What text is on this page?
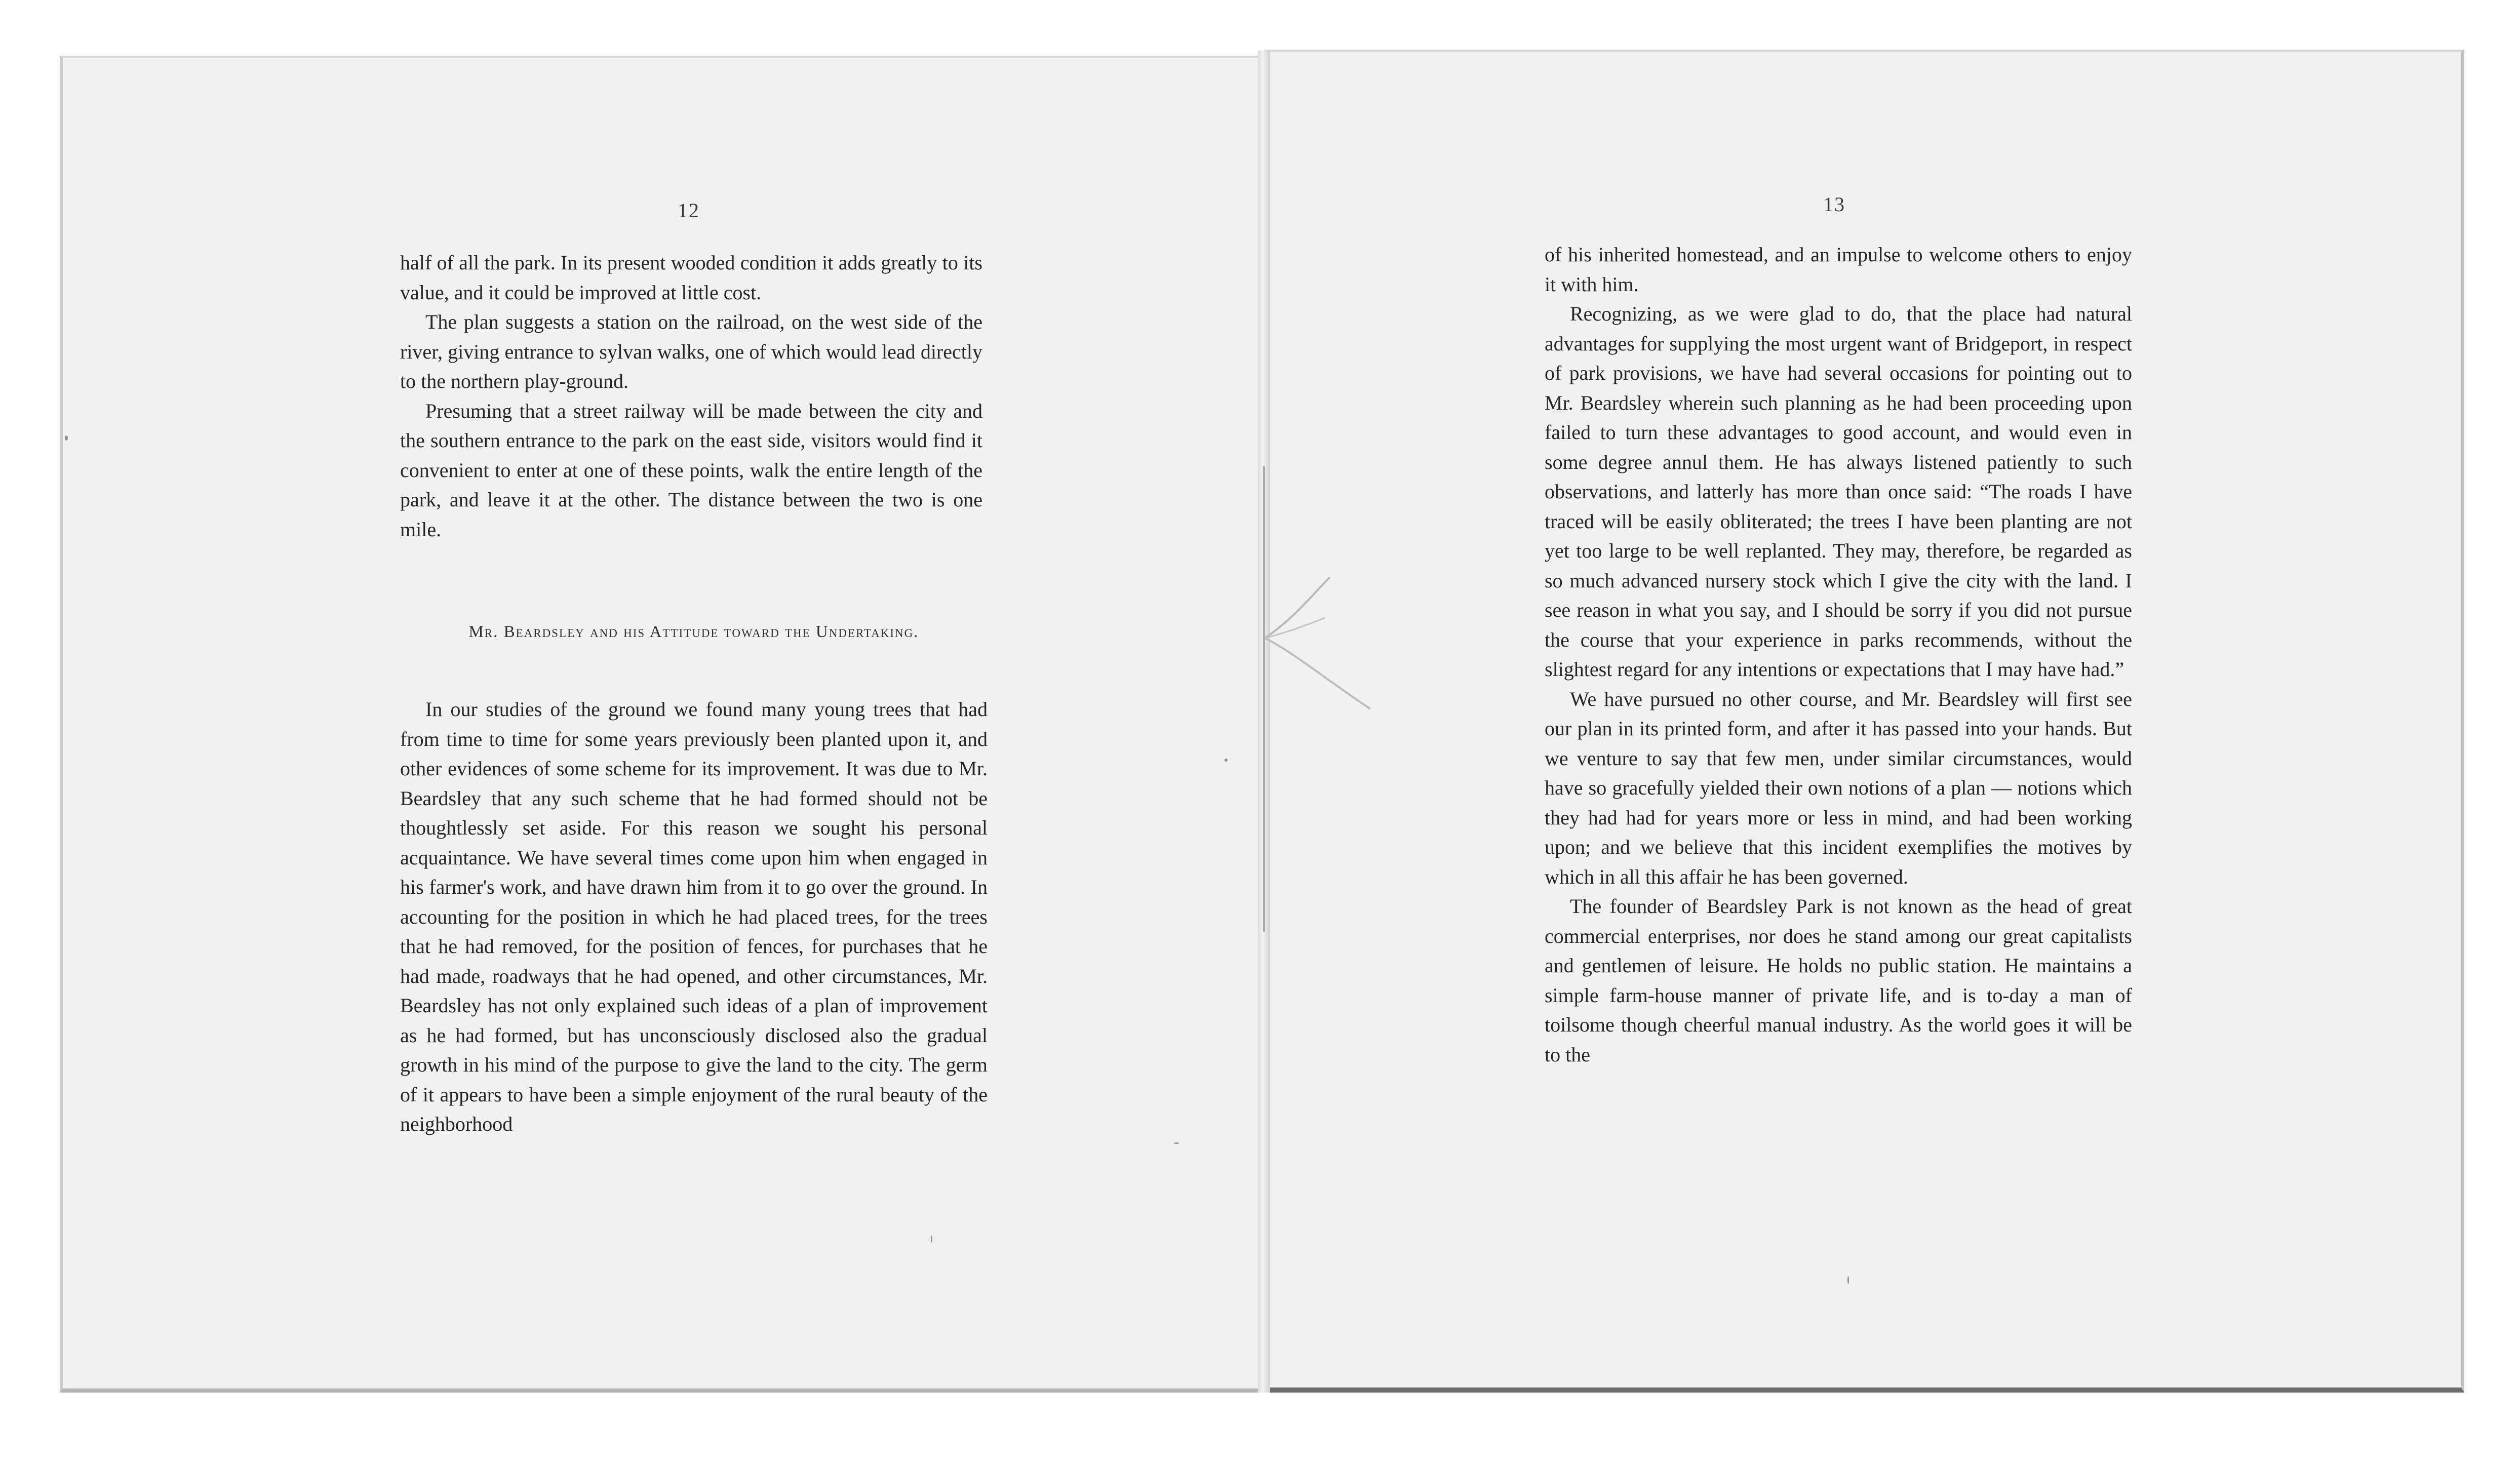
12

half of all the park. In its present wooded condition it adds greatly to its value, and it could be improved at little cost.

The plan suggests a station on the railroad, on the west side of the river, giving entrance to sylvan walks, one of which would lead directly to the northern play-ground.

Presuming that a street railway will be made between the city and the southern entrance to the park on the east side, visitors would find it convenient to enter at one of these points, walk the entire length of the park, and leave it at the other. The distance between the two is one mile.

Mr. Beardsley and his Attitude toward the Undertaking.

In our studies of the ground we found many young trees that had from time to time for some years previously been planted upon it, and other evidences of some scheme for its improvement. It was due to Mr. Beardsley that any such scheme that he had formed should not be thoughtlessly set aside. For this reason we sought his personal acquaintance. We have several times come upon him when engaged in his farmer's work, and have drawn him from it to go over the ground. In accounting for the position in which he had placed trees, for the trees that he had removed, for the position of fences, for purchases that he had made, roadways that he had opened, and other circumstances, Mr. Beardsley has not only explained such ideas of a plan of improvement as he had formed, but has unconsciously disclosed also the gradual growth in his mind of the purpose to give the land to the city. The germ of it appears to have been a simple enjoyment of the rural beauty of the neighborhood

13

of his inherited homestead, and an impulse to welcome others to enjoy it with him.

Recognizing, as we were glad to do, that the place had natural advantages for supplying the most urgent want of Bridgeport, in respect of park provisions, we have had several occasions for pointing out to Mr. Beardsley wherein such planning as he had been proceeding upon failed to turn these advantages to good account, and would even in some degree annul them. He has always listened patiently to such observations, and latterly has more than once said: “The roads I have traced will be easily obliterated; the trees I have been planting are not yet too large to be well replanted. They may, therefore, be regarded as so much advanced nursery stock which I give the city with the land. I see reason in what you say, and I should be sorry if you did not pursue the course that your experience in parks recommends, without the slightest regard for any intentions or expectations that I may have had.”

We have pursued no other course, and Mr. Beardsley will first see our plan in its printed form, and after it has passed into your hands. But we venture to say that few men, under similar circumstances, would have so gracefully yielded their own notions of a plan — notions which they had had for years more or less in mind, and had been working upon; and we believe that this incident exemplifies the motives by which in all this affair he has been governed.

The founder of Beardsley Park is not known as the head of great commercial enterprises, nor does he stand among our great capitalists and gentlemen of leisure. He holds no public station. He maintains a simple farm-house manner of private life, and is to-day a man of toilsome though cheerful manual industry. As the world goes it will be to the
